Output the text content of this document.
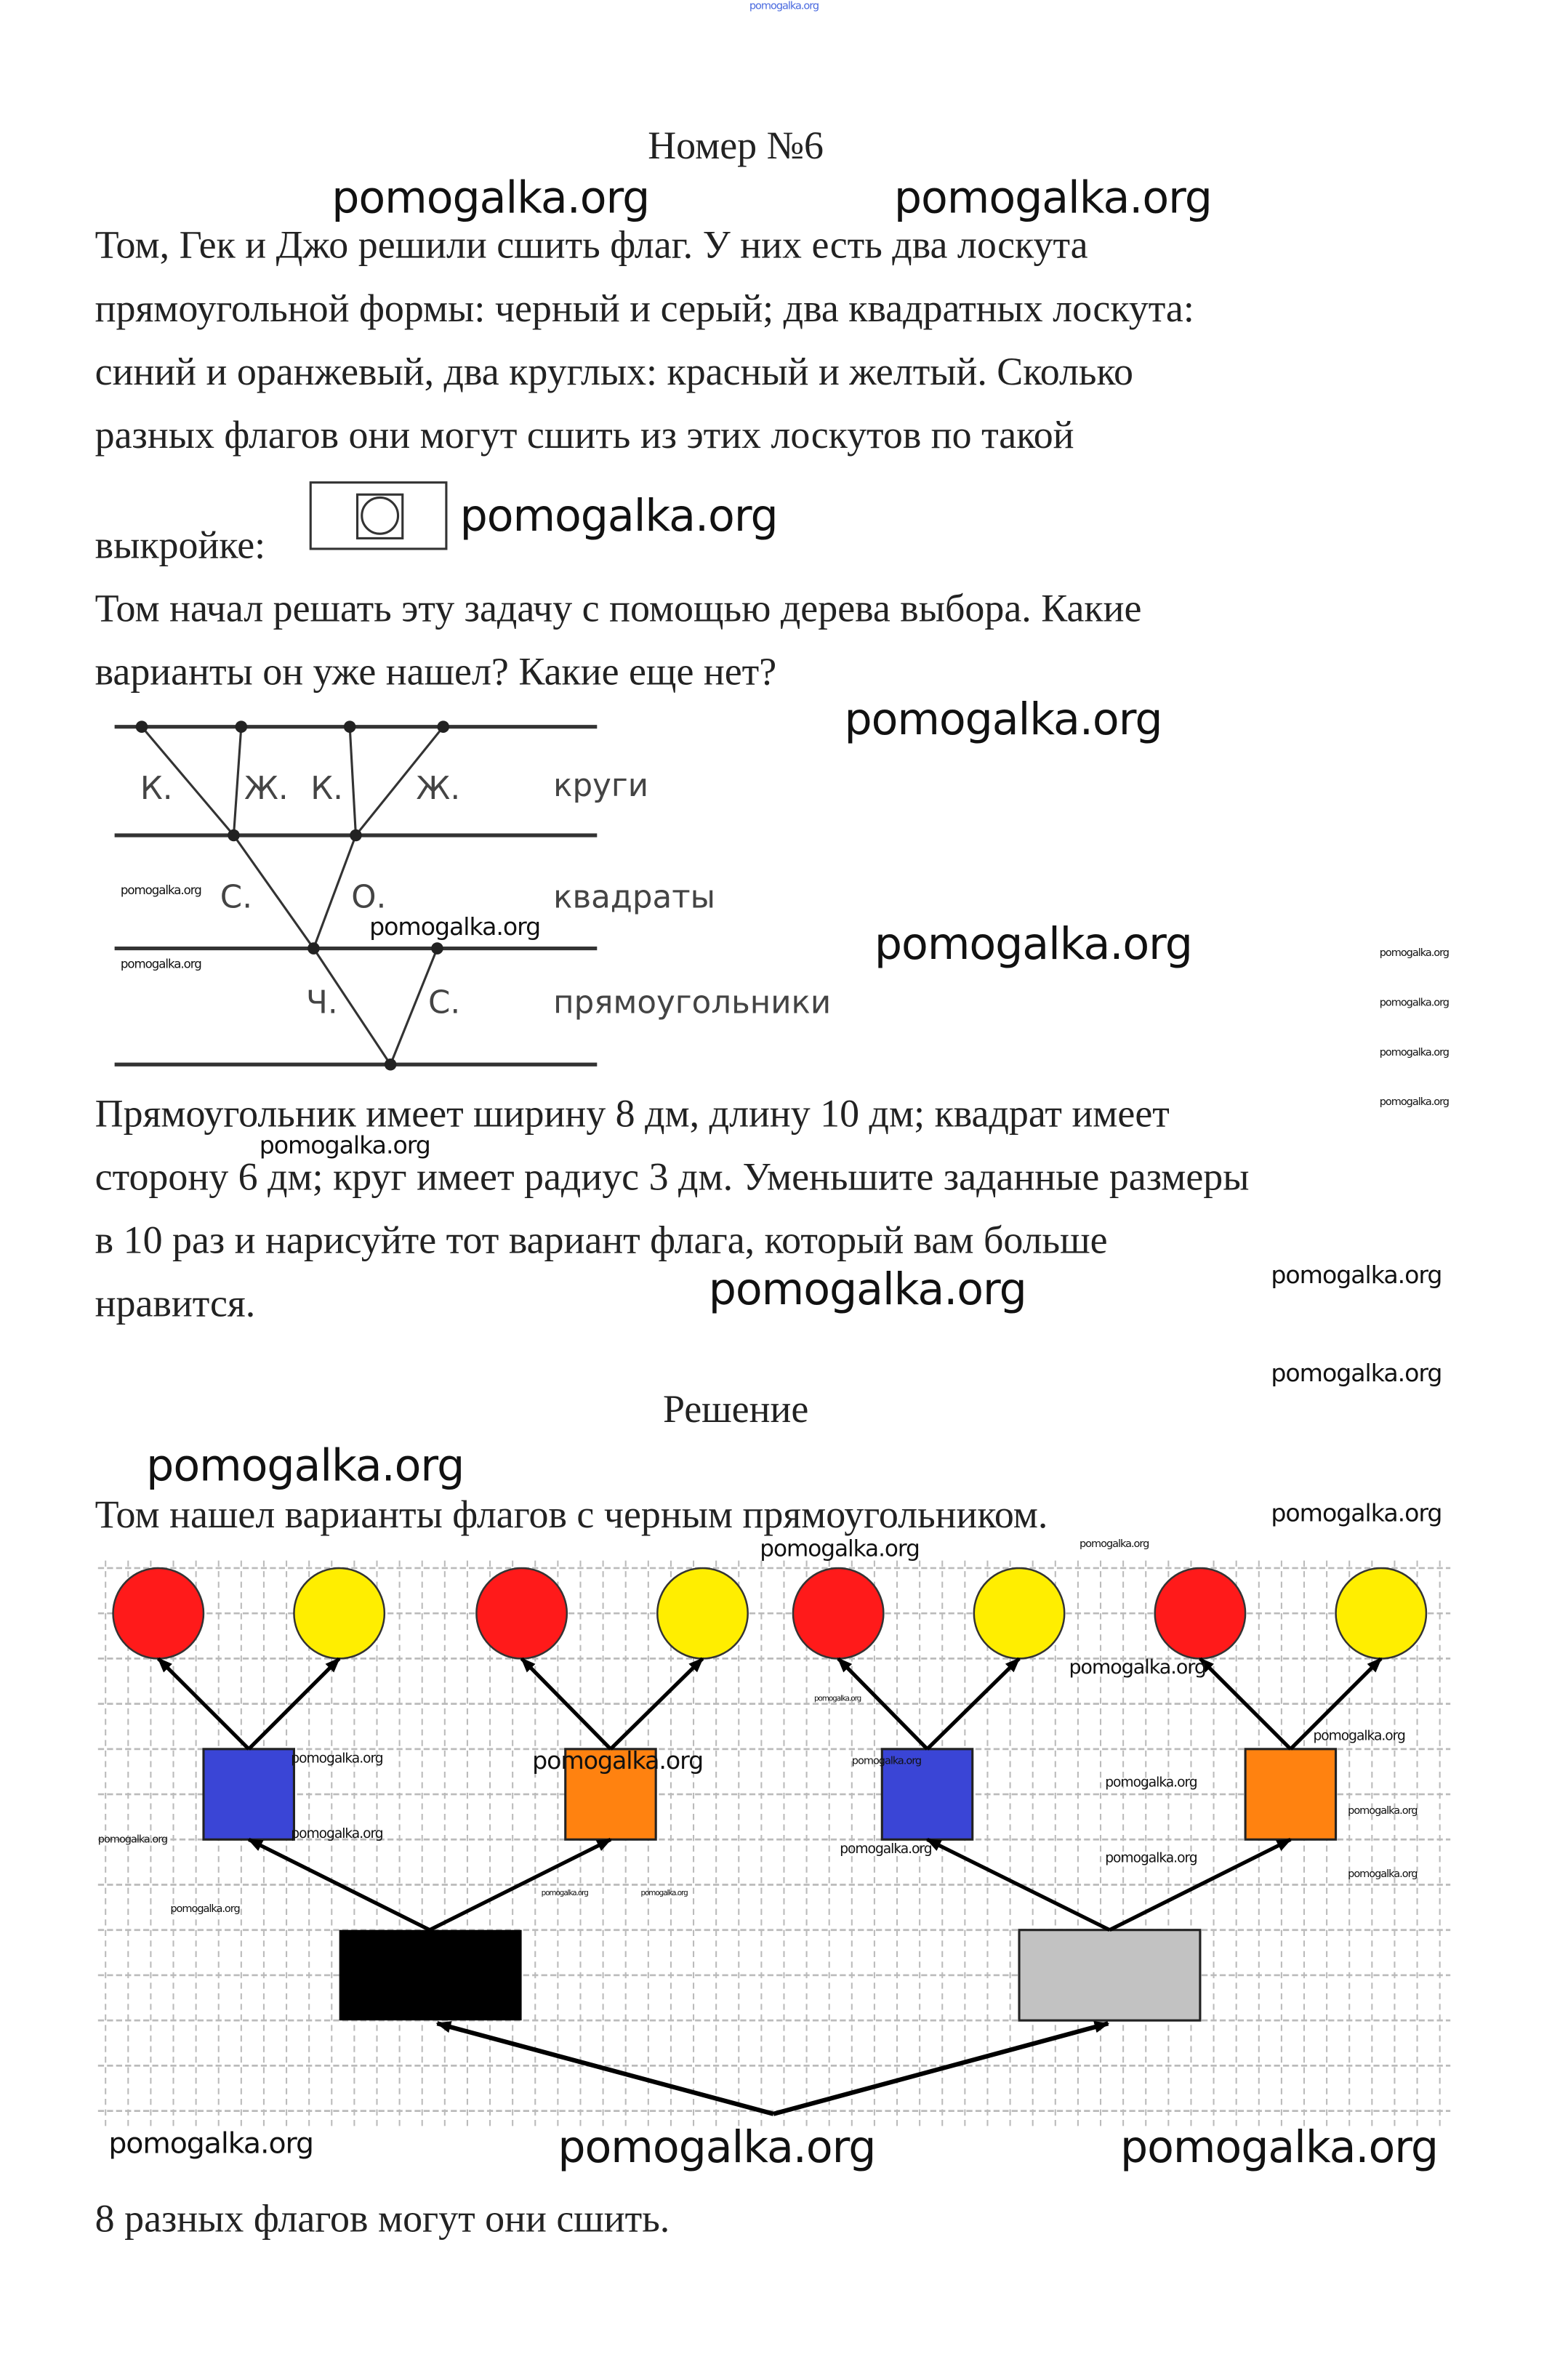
pomogalka.org
Номер №6
Том, Гек и Джо решили сшить флаг. У них есть два лоскута
прямоугольной формы: черный и серый; два квадратных лоскута:
синий и оранжевый, два круглых: красный и желтый. Сколько
разных флагов они могут сшить из этих лоскутов по такой
выкройке:
Том начал решать эту задачу с помощью дерева выбора. Какие
варианты он уже нашел? Какие еще нет?
К.	Ж. К.	Ж.
С.	О.
Ч.	С.
круги
квадраты
прямоугольники
Прямоугольник имеет ширину 8 дм, длину 10 дм; квадрат имеет
сторону 6 дм; круг имеет радиус 3 дм. Уменьшите заданные размеры
в 10 раз и нарисуйте тот вариант флага, который вам больше
нравится.
Решение
Том нашел варианты флагов с черным прямоугольником.
8 разных флагов могут они сшить.
pomogalka.org	pomogalka.org
pomogalka.org
pomogalka.org
pomogalka.org
pomogalka.org
pomogalka.org
pomogalka.org	pomogalka.org
pomogalka.org
pomogalka.org
pomogalka.org
pomogalka.org
pomogalka.org
pomogalka.org
pomogalka.org
pomogalka.org
pomogalka.org
pomogalka.org
pomogalka.org
pomogalka.org
pomogalka.org
pomogalka.org
pomogalka.org
pomogalka.org
pomogalka.org
pomogalka.org
pomogalka.org
pomogalka.org
pomogalka.org
pomogalka.org
pomogalka.org
pomogalka.org
pomogalka.org
pomogalka.org
pomogalka.org	pomogalka.org
pomogalka.org
pomogalka.org
